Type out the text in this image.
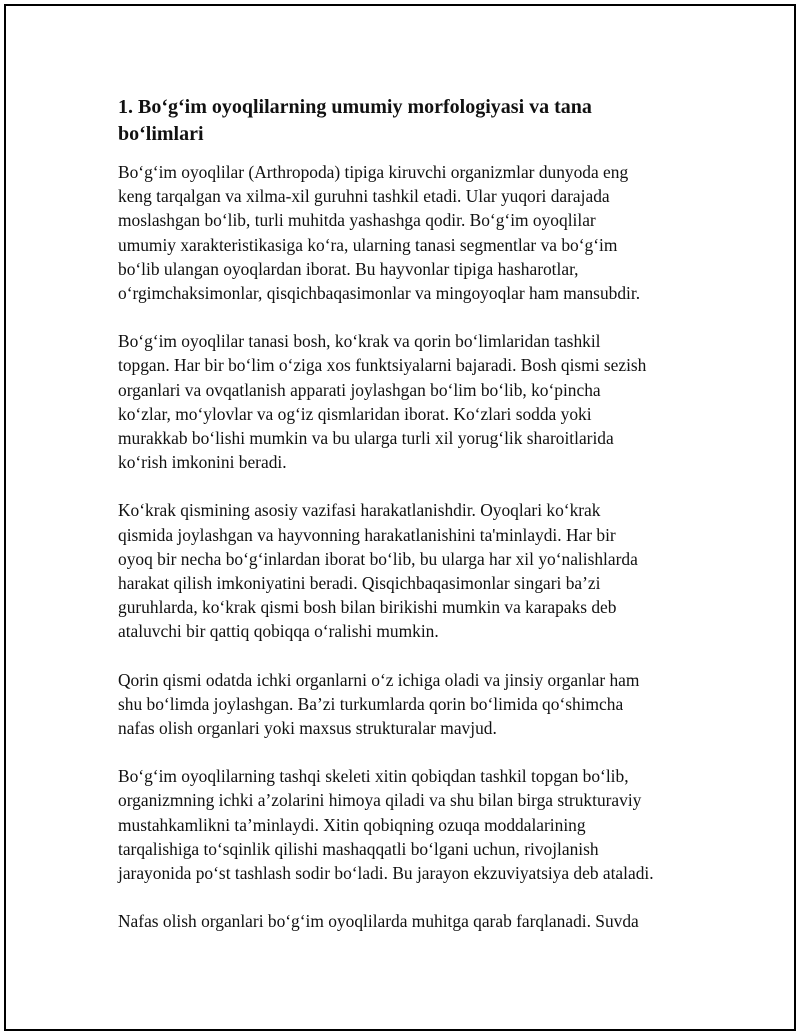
1. Bo‘g‘im oyoqlilarning umumiy morfologiyasi va tana
bo‘limlari

Bo‘g‘im oyoqlilar (Arthropoda) tipiga kiruvchi organizmlar dunyoda eng
keng tarqalgan va xilma-xil guruhni tashkil etadi. Ular yuqori darajada
moslashgan bo‘lib, turli muhitda yashashga qodir. Bo‘g‘im oyoqlilar
umumiy xarakteristikasiga ko‘ra, ularning tanasi segmentlar va bo‘g‘im
bo‘lib ulangan oyoqlardan iborat. Bu hayvonlar tipiga hasharotlar,
o‘rgimchaksimonlar, qisqichbaqasimonlar va mingoyoqlar ham mansubdir.

Bo‘g‘im oyoqlilar tanasi bosh, ko‘krak va qorin bo‘limlaridan tashkil
topgan. Har bir bo‘lim o‘ziga xos funktsiyalarni bajaradi. Bosh qismi sezish
organlari va ovqatlanish apparati joylashgan bo‘lim bo‘lib, ko‘pincha
ko‘zlar, mo‘ylovlar va og‘iz qismlaridan iborat. Ko‘zlari sodda yoki
murakkab bo‘lishi mumkin va bu ularga turli xil yorug‘lik sharoitlarida
ko‘rish imkonini beradi.

Ko‘krak qismining asosiy vazifasi harakatlanishdir. Oyoqlari ko‘krak
qismida joylashgan va hayvonning harakatlanishini ta'minlaydi. Har bir
oyoq bir necha bo‘g‘inlardan iborat bo‘lib, bu ularga har xil yo‘nalishlarda
harakat qilish imkoniyatini beradi. Qisqichbaqasimonlar singari ba’zi
guruhlarda, ko‘krak qismi bosh bilan birikishi mumkin va karapaks deb
ataluvchi bir qattiq qobiqqa o‘ralishi mumkin.

Qorin qismi odatda ichki organlarni o‘z ichiga oladi va jinsiy organlar ham
shu bo‘limda joylashgan. Ba’zi turkumlarda qorin bo‘limida qo‘shimcha
nafas olish organlari yoki maxsus strukturalar mavjud.

Bo‘g‘im oyoqlilarning tashqi skeleti xitin qobiqdan tashkil topgan bo‘lib,
organizmning ichki a’zolarini himoya qiladi va shu bilan birga strukturaviy
mustahkamlikni ta’minlaydi. Xitin qobiqning ozuqa moddalarining
tarqalishiga to‘sqinlik qilishi mashaqqatli bo‘lgani uchun, rivojlanish
jarayonida po‘st tashlash sodir bo‘ladi. Bu jarayon ekzuviyatsiya deb ataladi.

Nafas olish organlari bo‘g‘im oyoqlilarda muhitga qarab farqlanadi. Suvda
